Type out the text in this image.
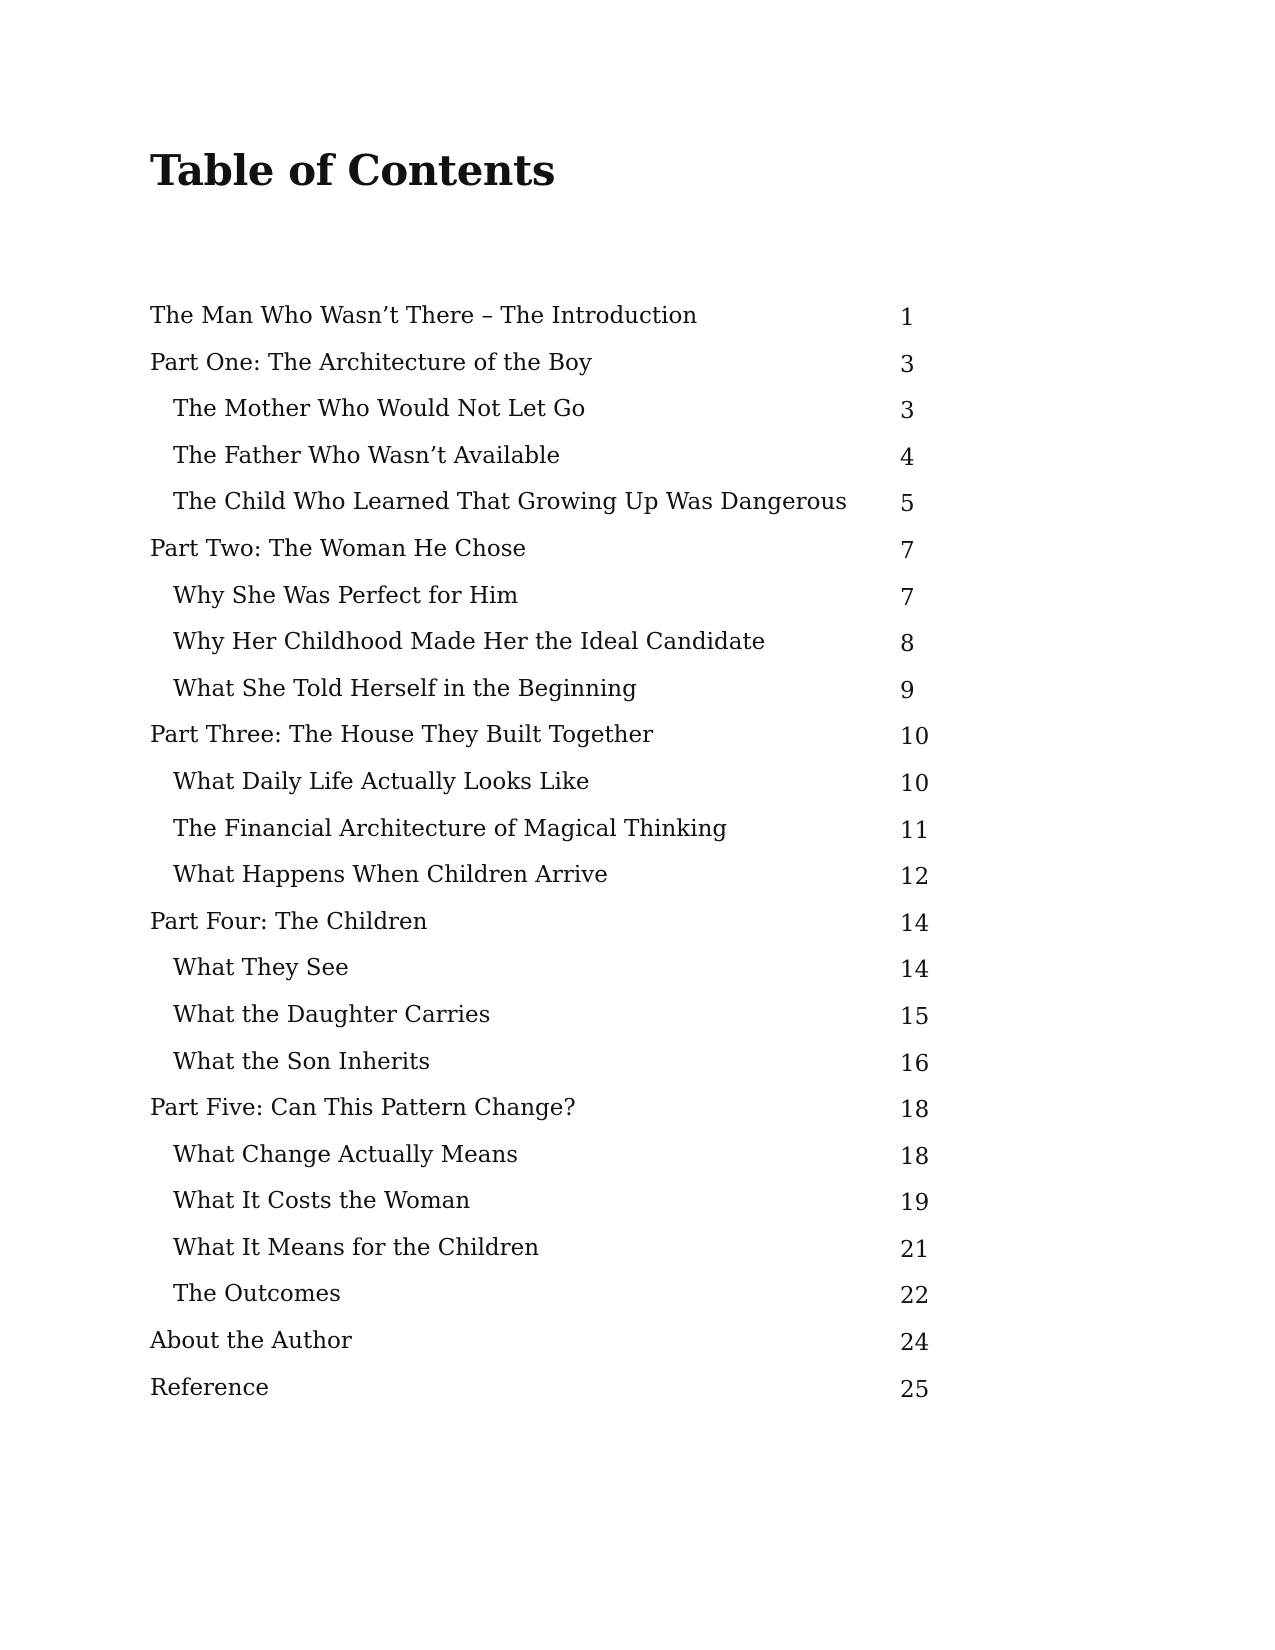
Table of Contents
The Man Who Wasn’t There – The Introduction	1
Part One: The Architecture of the Boy	3
The Mother Who Would Not Let Go	3
The Father Who Wasn’t Available	4
The Child Who Learned That Growing Up Was Dangerous 5
Part Two: The Woman He Chose	7
Why She Was Perfect for Him	7
Why Her Childhood Made Her the Ideal Candidate	8
What She Told Herself in the Beginning	9
Part Three: The House They Built Together	10
What Daily Life Actually Looks Like	10
The Financial Architecture of Magical Thinking	11
What Happens When Children Arrive	12
Part Four: The Children	14
What They See	14
What the Daughter Carries	15
What the Son Inherits	16
Part Five: Can This Pattern Change?	18
What Change Actually Means	18
What It Costs the Woman	19
What It Means for the Children	21
The Outcomes	22
About the Author	24
Reference	25
